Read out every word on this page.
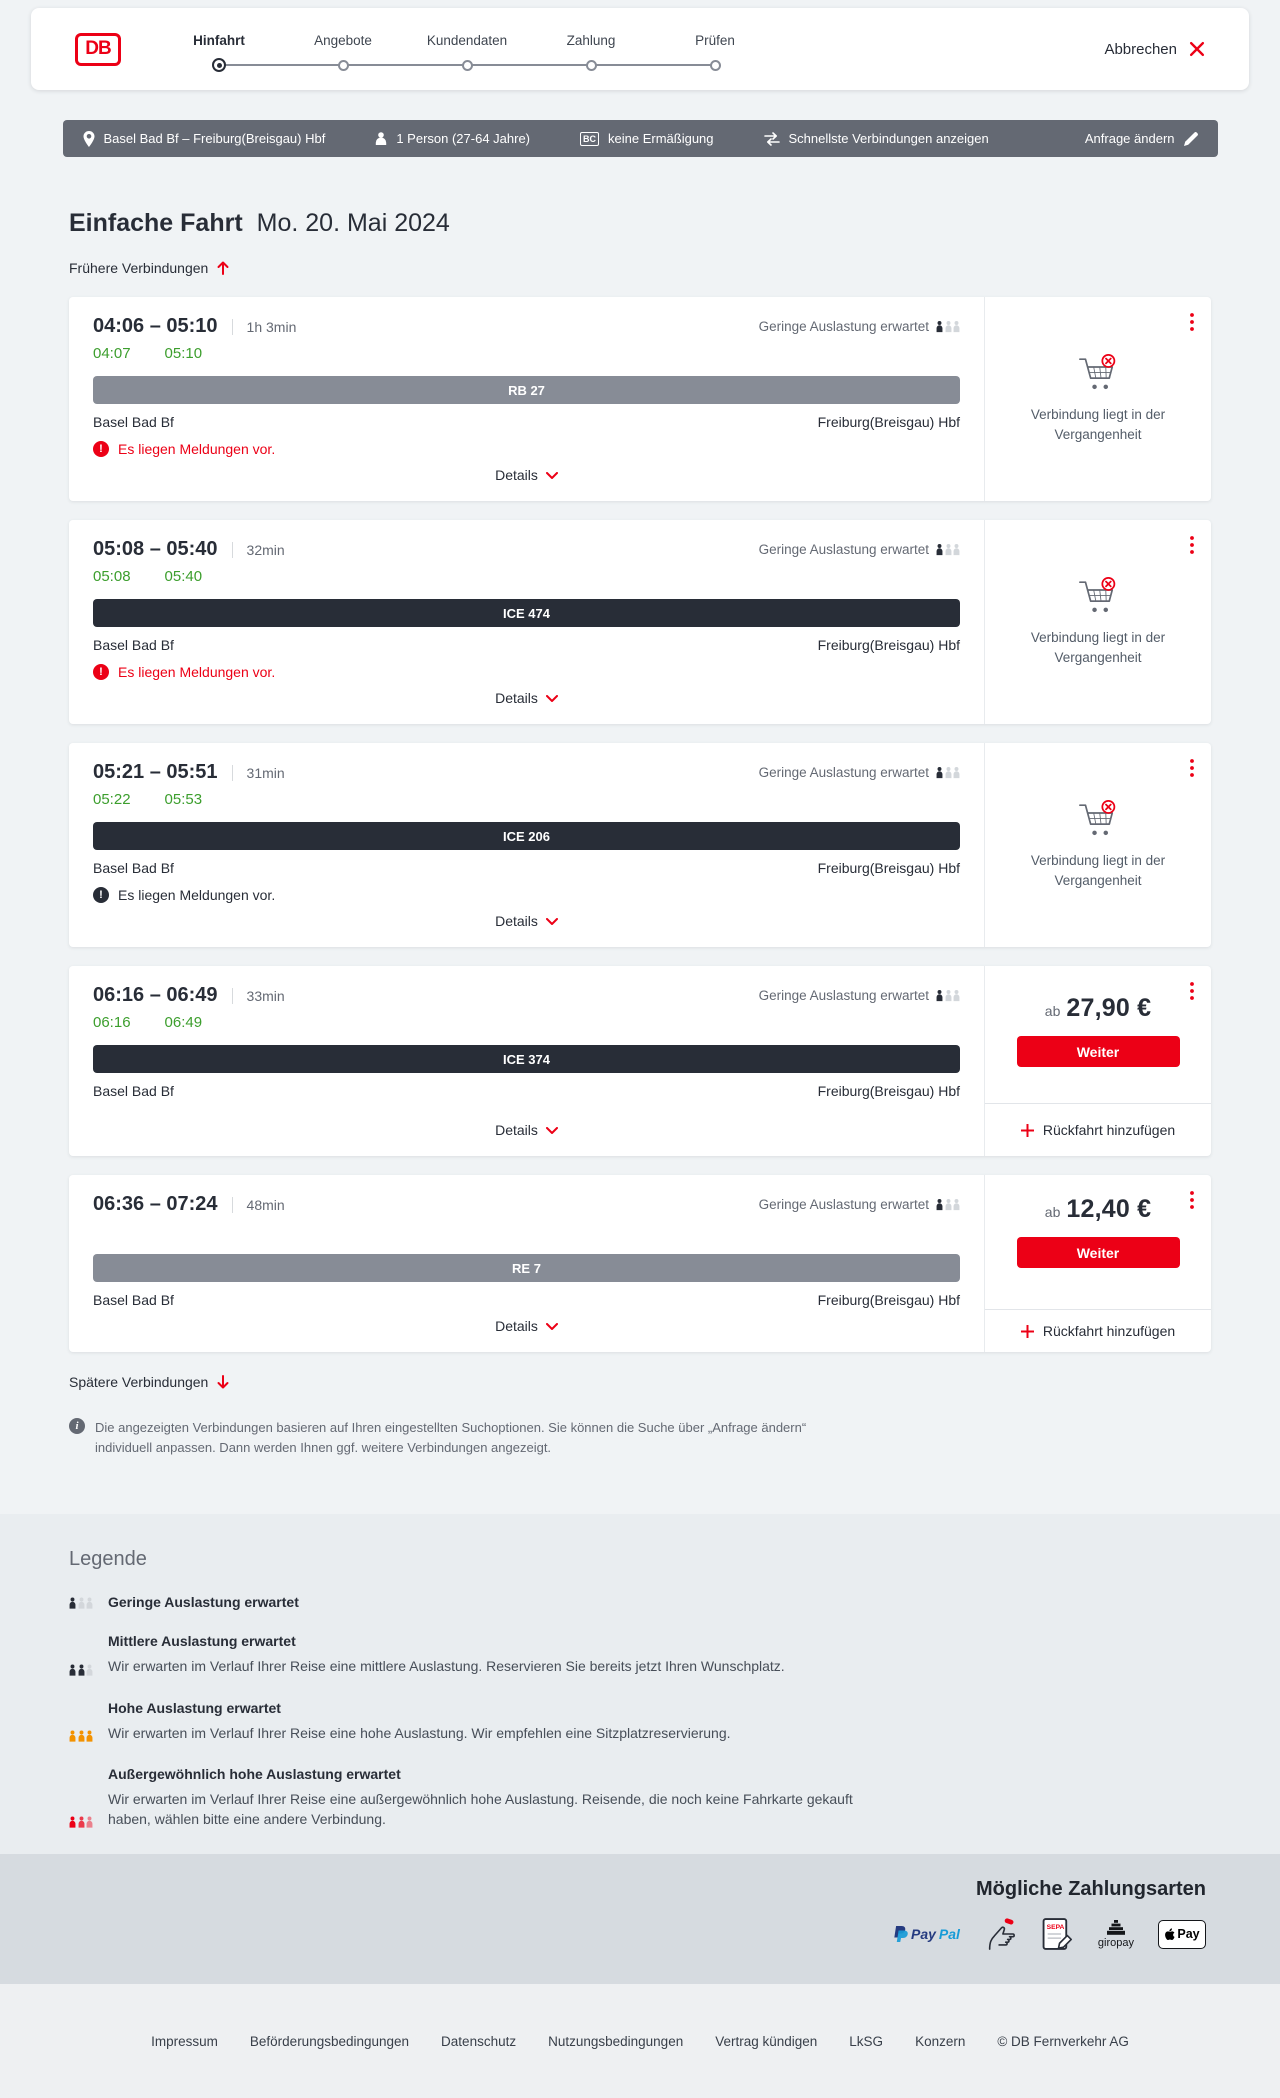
DB	Hinfahrt	Angebote	Kundendaten	Zahlung	Prüfen	Abbrechen
Basel Bad Bf – Freiburg(Breisgau) Hbf	1 Person (27-64 Jahre)	BC keine Ermäßigung	Schnellste Verbindungen anzeigen	Anfrage ändern
Einfache Fahrt Mo. 20. Mai 2024
Frühere Verbindungen
04:06 – 05:10	1h 3min	Geringe Auslastung erwartet
04:07 05:10
RB 27
Basel Bad Bf	Freiburg(Breisgau) Hbf
!	Es liegen Meldungen vor.
Details
Verbindung liegt in der Vergangenheit
05:08 – 05:40	32min	Geringe Auslastung erwartet
05:08 05:40
ICE 474
Basel Bad Bf	Freiburg(Breisgau) Hbf
!	Es liegen Meldungen vor.
Details
Verbindung liegt in der Vergangenheit
05:21 – 05:51	31min	Geringe Auslastung erwartet
05:22 05:53
ICE 206
Basel Bad Bf	Freiburg(Breisgau) Hbf
!	Es liegen Meldungen vor.
Details
Verbindung liegt in der Vergangenheit
06:16 – 06:49	33min	Geringe Auslastung erwartet
06:16 06:49
ICE 374
Basel Bad Bf	Freiburg(Breisgau) Hbf
Details
ab 27,90 €
Weiter
Rückfahrt hinzufügen
06:36 – 07:24	48min	Geringe Auslastung erwartet
RE 7
Basel Bad Bf	Freiburg(Breisgau) Hbf
Details
ab 12,40 €
Weiter
Rückfahrt hinzufügen
Spätere Verbindungen
i	Die angezeigten Verbindungen basieren auf Ihren eingestellten Suchoptionen. Sie können die Suche über „Anfrage ändern“ individuell anpassen. Dann werden Ihnen ggf. weitere Verbindungen angezeigt.
Legende
Geringe Auslastung erwartet
Mittlere Auslastung erwartet
Wir erwarten im Verlauf Ihrer Reise eine mittlere Auslastung. Reservieren Sie bereits jetzt Ihren Wunschplatz.
Hohe Auslastung erwartet
Wir erwarten im Verlauf Ihrer Reise eine hohe Auslastung. Wir empfehlen eine Sitzplatzreservierung.
Außergewöhnlich hohe Auslastung erwartet
Wir erwarten im Verlauf Ihrer Reise eine außergewöhnlich hohe Auslastung. Reisende, die noch keine Fahrkarte gekauft haben, wählen bitte eine andere Verbindung.
Mögliche Zahlungsarten
Pay Pal	SEPA
giropay
Pay
Impressum Beförderungsbedingungen Datenschutz Nutzungsbedingungen Vertrag kündigen LkSG Konzern © DB Fernverkehr AG
